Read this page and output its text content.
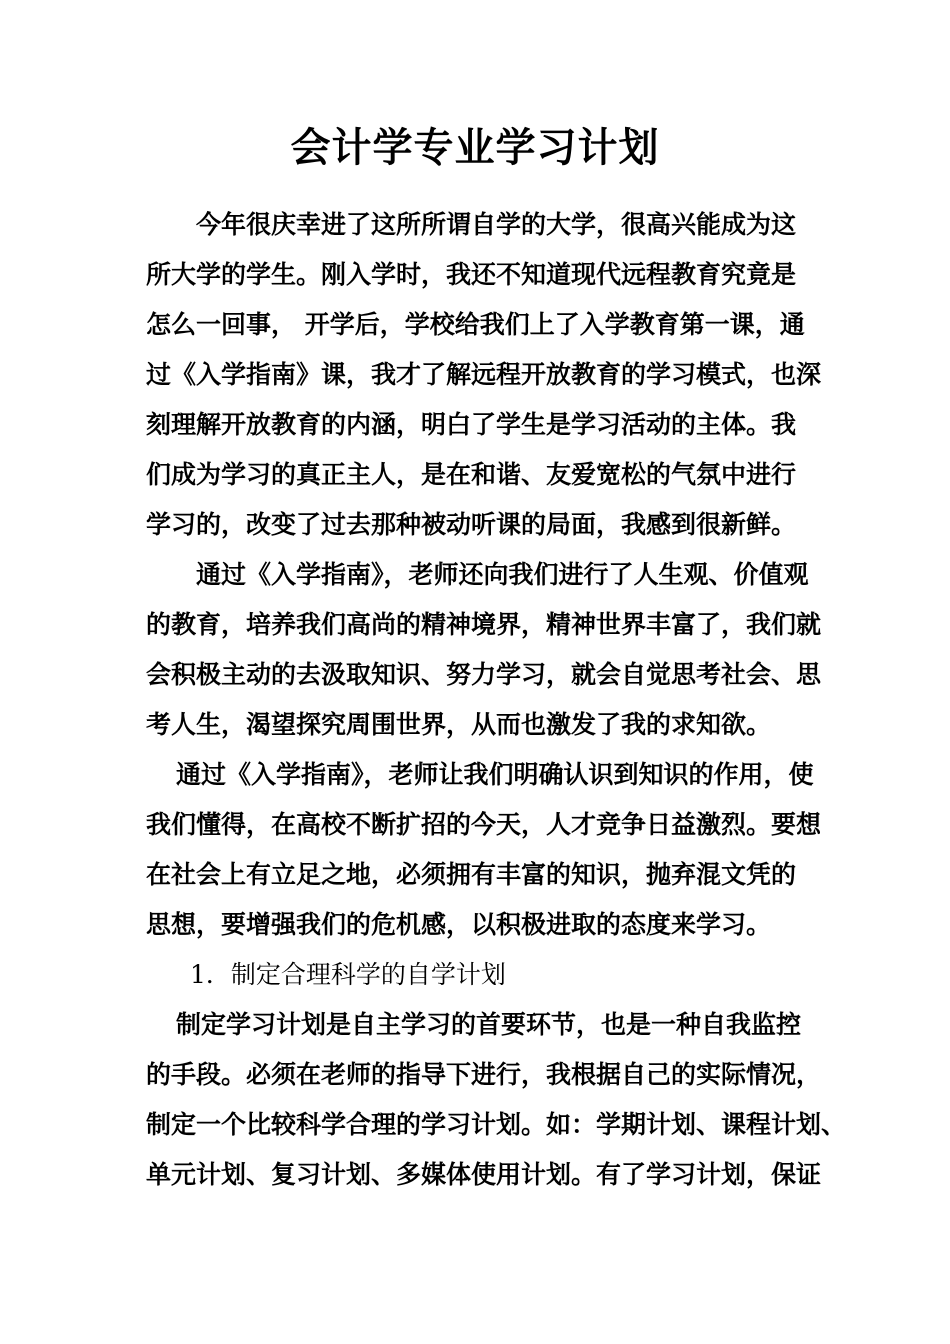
会计学专业学习计划
今年很庆幸进了这所所谓自学的大学，很高兴能成为这
所大学的学生。刚入学时，我还不知道现代远程教育究竟是
怎么一回事， 开学后，学校给我们上了入学教育第一课，通
过《入学指南》课，我才了解远程开放教育的学习模式，也深
刻理解开放教育的内涵，明白了学生是学习活动的主体。我
们成为学习的真正主人，是在和谐、友爱宽松的气氛中进行
学习的，改变了过去那种被动听课的局面，我感到很新鲜。
通过《入学指南》，老师还向我们进行了人生观、价值观
的教育，培养我们高尚的精神境界，精神世界丰富了，我们就
会积极主动的去汲取知识、努力学习，就会自觉思考社会、思
考人生，渴望探究周围世界，从而也激发了我的求知欲。
通过《入学指南》，老师让我们明确认识到知识的作用，使
我们懂得，在高校不断扩招的今天，人才竞争日益激烈。要想
在社会上有立足之地，必须拥有丰富的知识，抛弃混文凭的
思想，要增强我们的危机感，以积极进取的态度来学习。
1．制定合理科学的自学计划
制定学习计划是自主学习的首要环节，也是一种自我监控
的手段。必须在老师的指导下进行，我根据自己的实际情况，
制定一个比较科学合理的学习计划。如：学期计划、课程计划、
单元计划、复习计划、多媒体使用计划。有了学习计划，保证
